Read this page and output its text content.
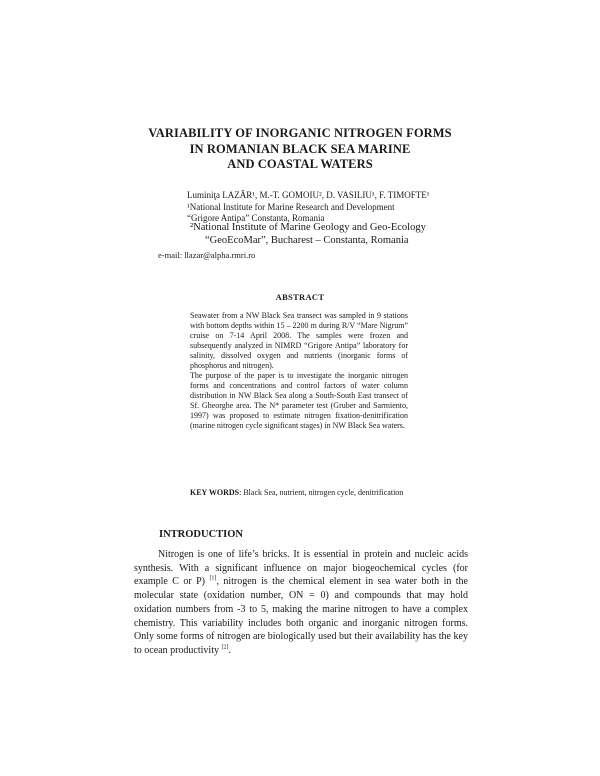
VARIABILITY OF INORGANIC NITROGEN FORMS
IN ROMANIAN BLACK SEA MARINE
AND COASTAL WATERS
Luminiţa LAZĂR¹, M.-T. GOMOIU², D. VASILIU¹, F. TIMOFTE¹
¹National Institute for Marine Research and Development
“Grigore Antipa” Constanta, Romania
²National Institute of Marine Geology and Geo-Ecology
“GeoEcoMar”, Bucharest – Constanta, Romania
e-mail: llazar@alpha.rmri.ro
ABSTRACT

Seawater from a NW Black Sea transect was sampled in 9 stations with bottom depths within 15 – 2200 m during R/V “Mare Nigrum” cruise on 7-14 April 2008. The samples were frozen and subsequently analyzed in NIMRD “Grigore Antipa” laboratory for salinity, dissolved oxygen and nutrients (inorganic forms of phosphorus and nitrogen).

The purpose of the paper is to investigate the inorganic nitrogen forms and concentrations and control factors of water column distribution in NW Black Sea along a South-South East transect of Sf. Gheorghe area. The N* parameter test (Gruber and Sarmiento, 1997) was proposed to estimate nitrogen fixation-denitrification (marine nitrogen cycle significant stages) in NW Black Sea waters.

KEY WORDS: Black Sea, nutrient, nitrogen cycle, denitrification
INTRODUCTION

Nitrogen is one of life’s bricks. It is essential in protein and nucleic acids synthesis. With a significant influence on major biogeochemical cycles (for example C or P) [1], nitrogen is the chemical element in sea water both in the molecular state (oxidation number, ON = 0) and compounds that may hold oxidation numbers from -3 to 5, making the marine nitrogen to have a complex chemistry. This variability includes both organic and inorganic nitrogen forms. Only some forms of nitrogen are biologically used but their availability has the key to ocean productivity [2].
